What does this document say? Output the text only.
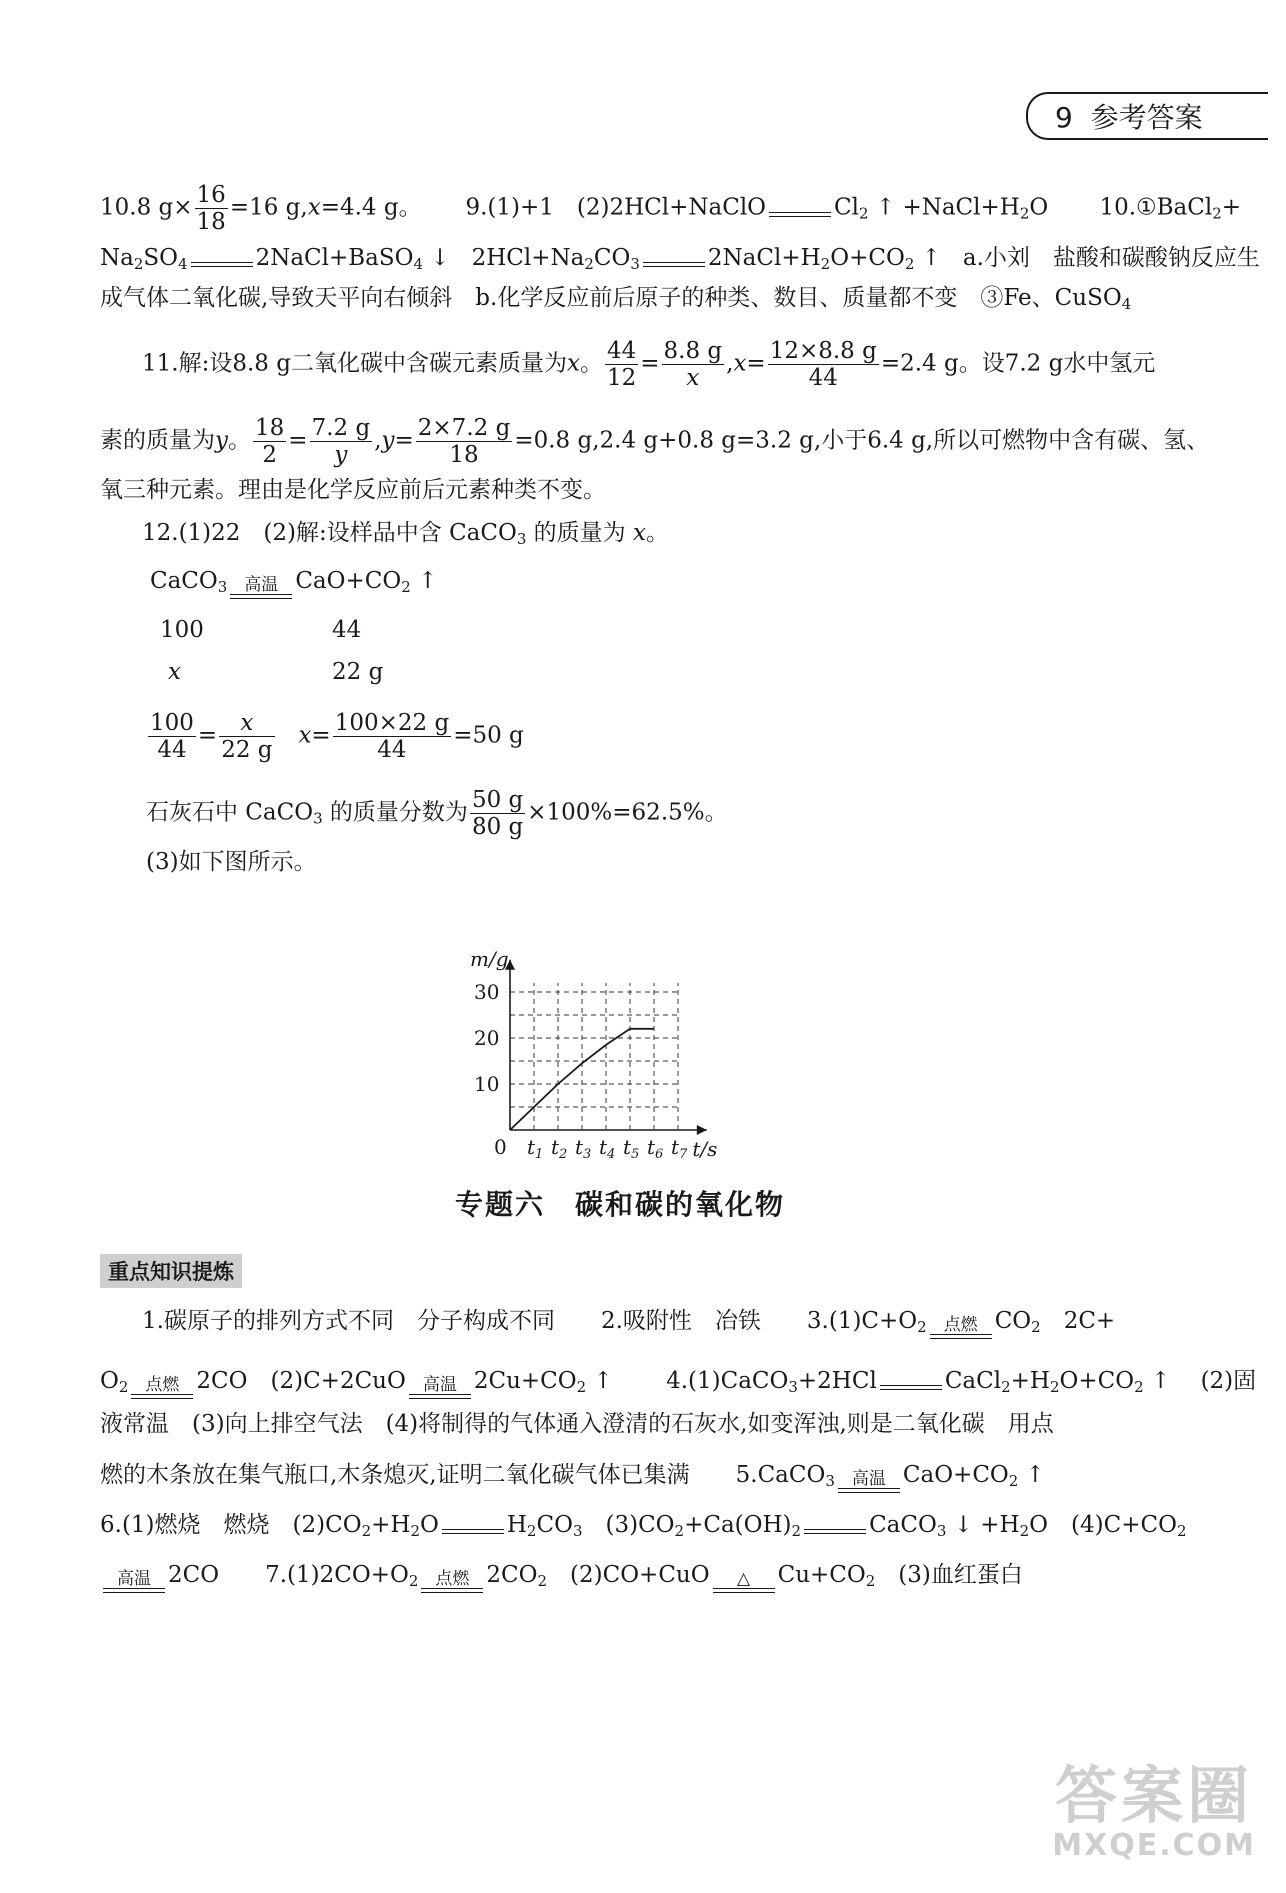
9 参考答案
10.8 $g\times \frac{16}{18} =16$ g,x=4.4 g。 9.(1)+1　(2)2HCl+NaClO	$Cl_2$ ↑ $+NaCl+H_2O$ 10.①BaCl$_2$+
$Na_2SO_4$	2NaCl+BaSO$_4$ ↓   $2HCl+Na_2CO_3$	$2NaCl+H_2O+CO_2$ ↑   a.小刘　盐酸和碳酸钠反应生
成气体二氧化碳,导致天平向右倾斜　b.化学反应前后原子的种类、数目、质量都不变　③Fe、CuSO$_4$
11.解:设8.8 g二氧化碳中含碳元素质量为x。 $\frac{44}{12} = \frac{8.8 g}{x} ,x= \frac{12\times 8.8 g}{44} =2.4$ g。设7.2 g水中氢元
素的质量为y。 $\frac{18}{2} = \frac{7.2 g}{y} ,y= \frac{2\times 7.2 g}{18} =0.8$ g,2.4 g+0.8 g=3.2 g,小于6.4 g,所以可燃物中含有碳、氢、
氧三种元素。理由是化学反应前后元素种类不变。
12.(1)22　(2)解:设样品中含 CaCO$_3$ 的质量为 x。
CaCO$_3$ 高温 $CaO+CO_2$ ↑
100	44
x	22 g
$\frac{100}{44} = \frac{x}{22 g} x= \frac{100\times 22 g}{44} =50$ g
石灰石中 CaCO$_3$ 的质量分数为 $\frac{50 g}{80 g} \times 100\%=62.5\%$。
(3)如下图所示。
$t_1$ $t_2$ $t_3$ $t_4$ $t_5$ $t_6$ $t_7$
10
20
30
m/g
t/s
0
专题六　碳和碳的氧化物
重点知识提炼
1.碳原子的排列方式不同　分子构成不同　　2.吸附性　冶铁　　$3.(1)C+O_2$ 点燃 $CO_2$　2C+
$O_2$ 点燃 2CO　(2)C+2CuO 高温 $2Cu+CO_2$ ↑ 　　4.(1)CaCO$_3$+2HCl	$CaCl_2+H_2O+CO_2$ ↑ 　(2)固
液常温　(3)向上排空气法　(4)将制得的气体通入澄清的石灰水,如变浑浊,则是二氧化碳　用点
燃的木条放在集气瓶口,木条熄灭,证明二氧化碳气体已集满　　5.CaCO$_3$ 高温 $CaO+CO_2$ ↑
6.(1)燃烧　燃烧　$(2)CO_2+H_2O$	$H_2CO_3$　$(3)CO_2+Ca(OH)_2$	CaCO$_3$ ↓ $+H_2O$　$(4)C+CO_2$
高温 2CO　　$7.(1)2CO+O_2$ 点燃 $2CO_2$　(2)CO+CuO △ $Cu+CO_2$　(3)血红蛋白
答案圈
MXQE.COM
